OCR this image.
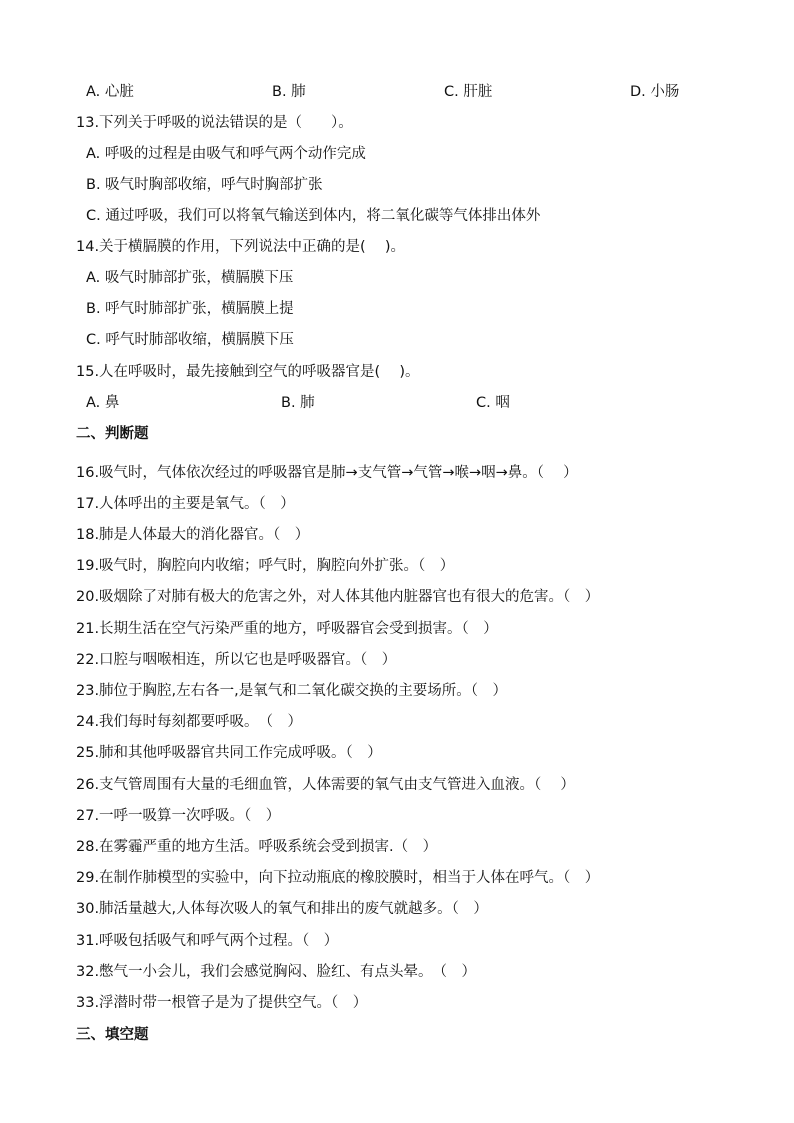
A. 心脏	B. 肺	C. 肝脏	D. 小肠
13.下列关于呼吸的说法错误的是（　　）。
A. 呼吸的过程是由吸气和呼气两个动作完成
B. 吸气时胸部收缩，呼气时胸部扩张
C. 通过呼吸，我们可以将氧气输送到体内，将二氧化碳等气体排出体外
14.关于横膈膜的作用，下列说法中正确的是(　 )。
A. 吸气时肺部扩张，横膈膜下压
B. 呼气时肺部扩张，横膈膜上提
C. 呼气时肺部收缩，横膈膜下压
15.人在呼吸时，最先接触到空气的呼吸器官是(　 )。
A. 鼻	B. 肺	C. 咽
二、判断题
16.吸气时，气体依次经过的呼吸器官是肺→支气管→气管→喉→咽→鼻。（　 ）
17.人体呼出的主要是氧气。（　）
18.肺是人体最大的消化器官。（　）
19.吸气时，胸腔向内收缩；呼气时，胸腔向外扩张。（　）
20.吸烟除了对肺有极大的危害之外，对人体其他内脏器官也有很大的危害。（　）
21.长期生活在空气污染严重的地方，呼吸器官会受到损害。（　）
22.口腔与咽喉相连，所以它也是呼吸器官。（　）
23.肺位于胸腔,左右各一,是氧气和二氧化碳交换的主要场所。（　）
24.我们每时每刻都要呼吸。　（　）
25.肺和其他呼吸器官共同工作完成呼吸。（　）
26.支气管周围有大量的毛细血管，人体需要的氧气由支气管进入血液。（　 ）
27.一呼一吸算一次呼吸。（　）
28.在雾霾严重的地方生活。呼吸系统会受到损害.（　）
29.在制作肺模型的实验中，向下拉动瓶底的橡胶膜时，相当于人体在呼气。（　）
30.肺活量越大,人体每次吸人的氧气和排出的废气就越多。（　）
31.呼吸包括吸气和呼气两个过程。（　）
32.憋气一小会儿，我们会感觉胸闷、脸红、有点头晕。　（　）
33.浮潜时带一根管子是为了提供空气。（　）
三、填空题
